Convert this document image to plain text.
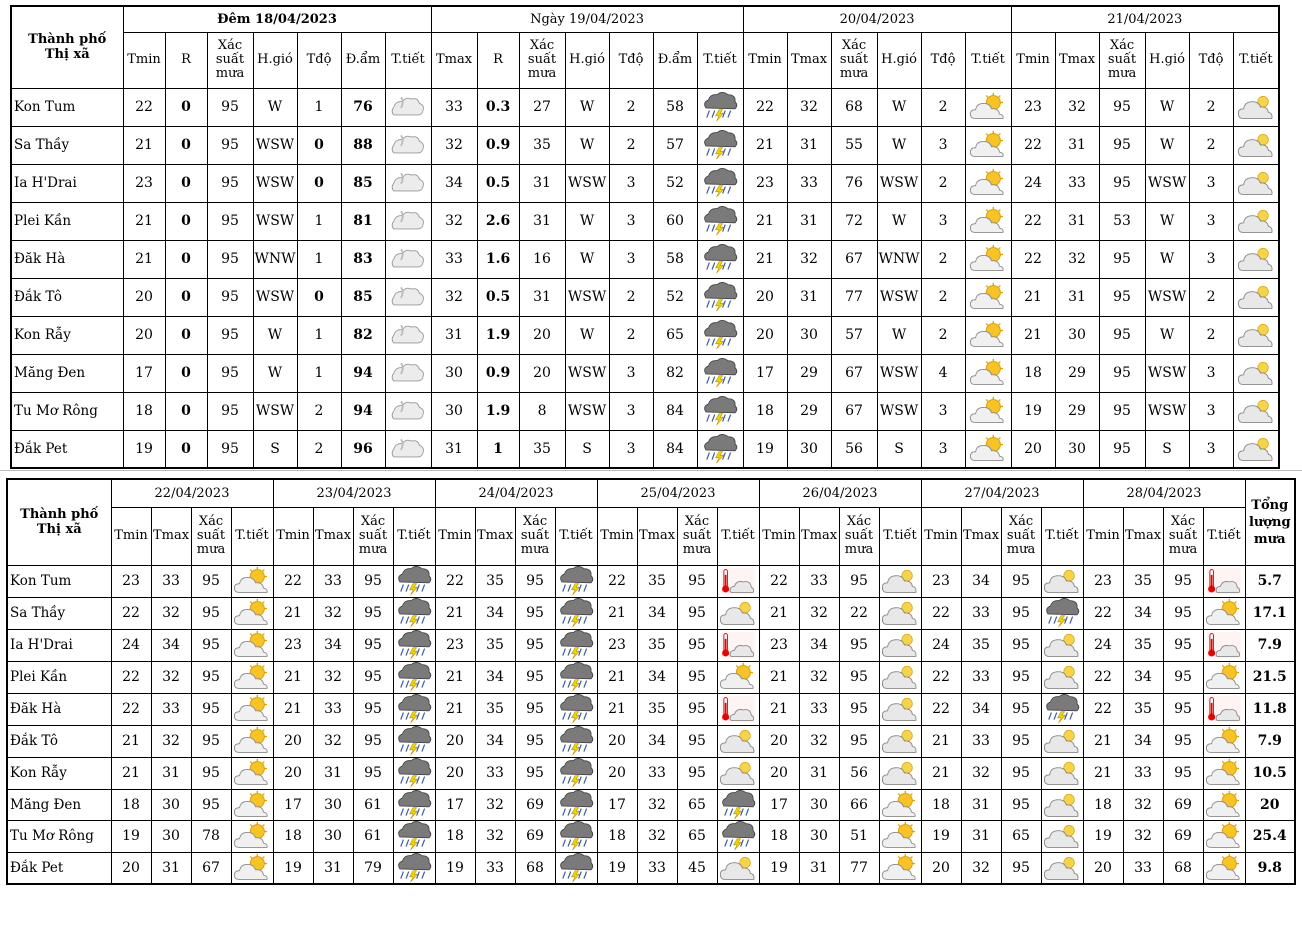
Thành phố
Thị xã	Đêm 18/04/2023							Ngày 19/04/2023							20/04/2023						21/04/2023					
	Tmin	R	Xác suất mưa	H.gió	Tđộ	Đ.ẩm	T.tiết	Tmax	R	Xác suất mưa	H.gió	Tđộ	Đ.ẩm	T.tiết	Tmin	Tmax	Xác suất mưa	H.gió	Tđộ	T.tiết	Tmin	Tmax	Xác suất mưa	H.gió	Tđộ	T.tiết
Kon Tum	22	0	95	W	1	76		33	0.3	27	W	2	58		22	32	68	W	2		23	32	95	W	2	

Sa Thầy	21	0	95	WSW	0	88		32	0.9	35	W	2	57		21	31	55	W	3		22	31	95	W	2	

Ia H'Drai	23	0	95	WSW	0	85		34	0.5	31	WSW	3	52		23	33	76	WSW	2		24	33	95	WSW	3	

Plei Kần	21	0	95	WSW	1	81		32	2.6	31	W	3	60		21	31	72	W	3		22	31	53	W	3	

Đăk Hà	21	0	95	WNW	1	83		33	1.6	16	W	3	58		21	32	67	WNW	2		22	32	95	W	3	

Đắk Tô	20	0	95	WSW	0	85		32	0.5	31	WSW	2	52		20	31	77	WSW	2		21	31	95	WSW	2	

Kon Rẫy	20	0	95	W	1	82		31	1.9	20	W	2	65		20	30	57	W	2		21	30	95	W	2	

Măng Đen	17	0	95	W	1	94		30	0.9	20	WSW	3	82		17	29	67	WSW	4		18	29	95	WSW	3	

Tu Mơ Rông	18	0	95	WSW	2	94		30	1.9	8	WSW	3	84		18	29	67	WSW	3		19	29	95	WSW	3	

Đắk Pet	19	0	95	S	2	96		31	1	35	S	3	84		19	30	56	S	3		20	30	95	S	3	
Thành phố
Thị xã	22/04/2023				23/04/2023				24/04/2023				25/04/2023				26/04/2023				27/04/2023				28/04/2023				Tổng
lượng
mưa
	Tmin	Tmax	Xác suất mưa	T.tiết	Tmin	Tmax	Xác suất mưa	T.tiết	Tmin	Tmax	Xác suất mưa	T.tiết	Tmin	Tmax	Xác suất mưa	T.tiết	Tmin	Tmax	Xác suất mưa	T.tiết	Tmin	Tmax	Xác suất mưa	T.tiết	Tmin	Tmax	Xác suất mưa	T.tiết	
Kon Tum	23	33	95		22	33	95		22	35	95		22	35	95		22	33	95		23	34	95		23	35	95		5.7
Sa Thầy	22	32	95		21	32	95		21	34	95		21	34	95		21	32	22		22	33	95		22	34	95		17.1
Ia H'Drai	24	34	95		23	34	95		23	35	95		23	35	95		23	34	95		24	35	95		24	35	95		7.9
Plei Kần	22	32	95		21	32	95		21	34	95		21	34	95		21	32	95		22	33	95		22	34	95		21.5
Đăk Hà	22	33	95		21	33	95		21	35	95		21	35	95		21	33	95		22	34	95		22	35	95		11.8
Đắk Tô	21	32	95		20	32	95		20	34	95		20	34	95		20	32	95		21	33	95		21	34	95		7.9
Kon Rẫy	21	31	95		20	31	95		20	33	95		20	33	95		20	31	56		21	32	95		21	33	95		10.5
Măng Đen	18	30	95		17	30	61		17	32	69		17	32	65		17	30	66		18	31	95		18	32	69		20
Tu Mơ Rông	19	30	78		18	30	61		18	32	69		18	32	65		18	30	51		19	31	65		19	32	69		25.4
Đắk Pet	20	31	67		19	31	79		19	33	68		19	33	45		19	31	77		20	32	95		20	33	68		9.8
